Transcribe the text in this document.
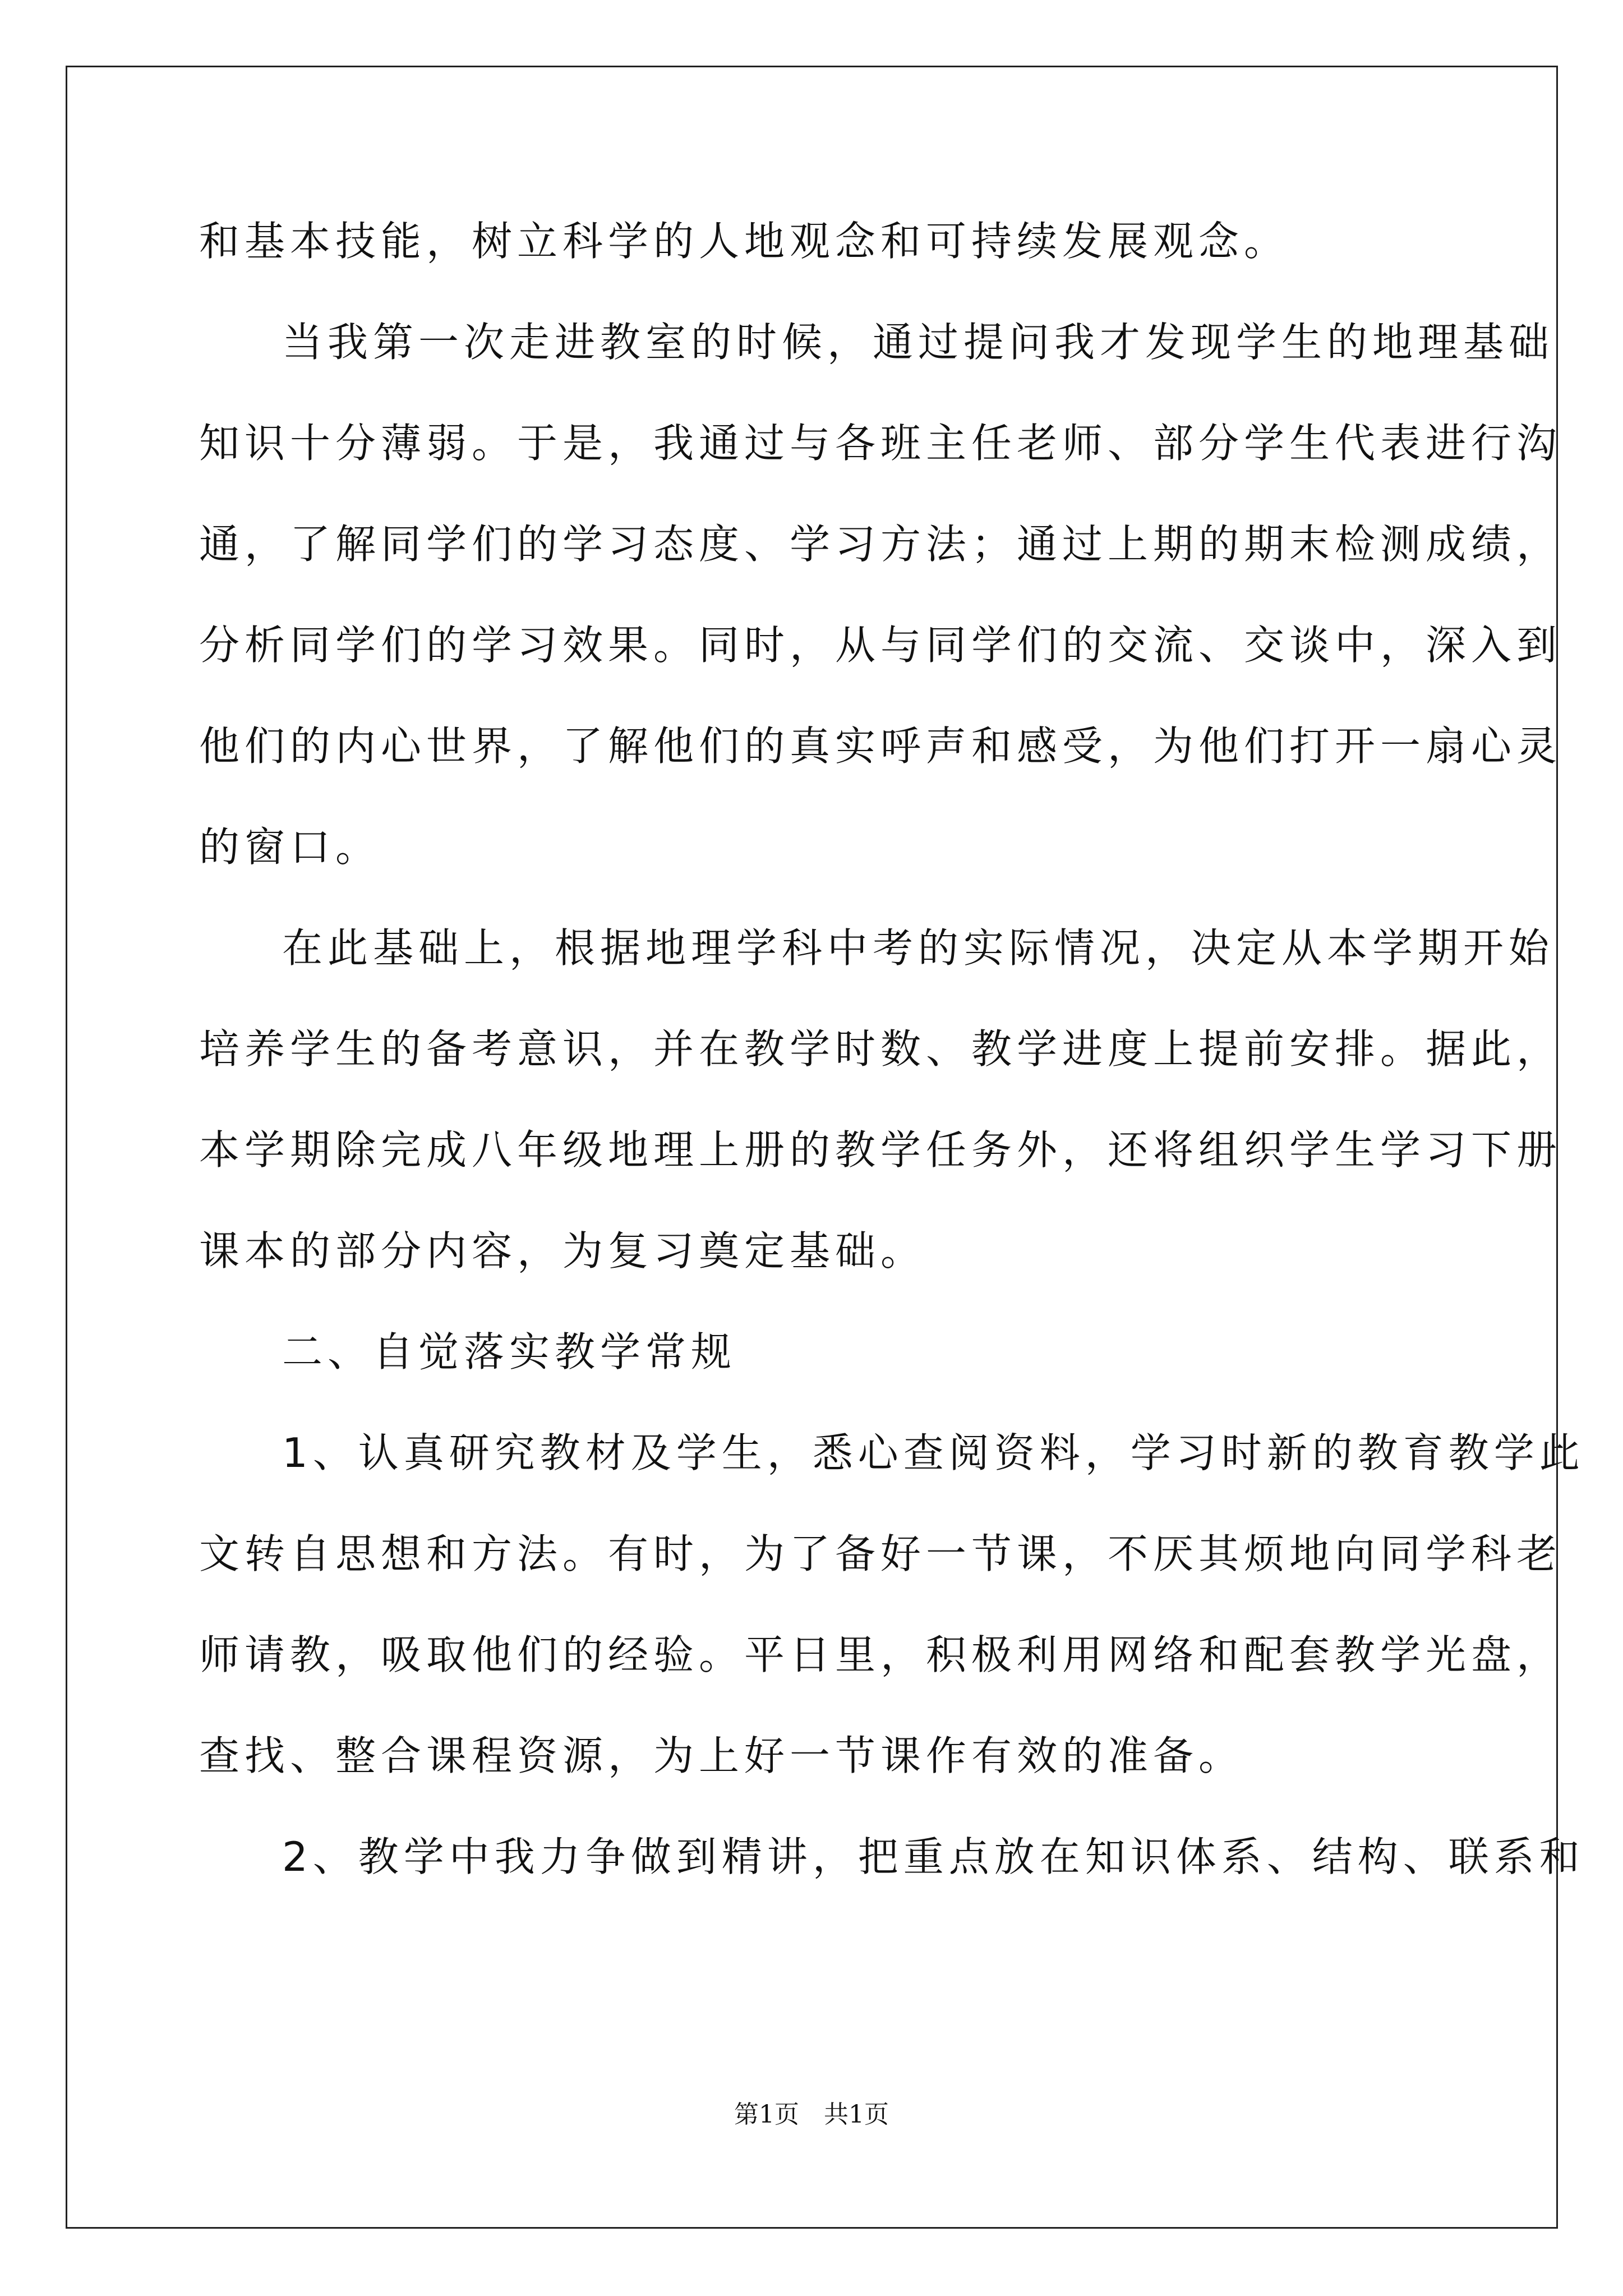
和基本技能，树立科学的人地观念和可持续发展观念。
当我第一次走进教室的时候，通过提问我才发现学生的地理基础
知识十分薄弱。于是，我通过与各班主任老师、部分学生代表进行沟
通，了解同学们的学习态度、学习方法；通过上期的期末检测成绩，
分析同学们的学习效果。同时，从与同学们的交流、交谈中，深入到
他们的内心世界，了解他们的真实呼声和感受，为他们打开一扇心灵
的窗口。
在此基础上，根据地理学科中考的实际情况，决定从本学期开始
培养学生的备考意识，并在教学时数、教学进度上提前安排。据此，
本学期除完成八年级地理上册的教学任务外，还将组织学生学习下册
课本的部分内容，为复习奠定基础。
二、自觉落实教学常规
1、认真研究教材及学生，悉心查阅资料，学习时新的教育教学此
文转自思想和方法。有时，为了备好一节课，不厌其烦地向同学科老
师请教，吸取他们的经验。平日里，积极利用网络和配套教学光盘，
查找、整合课程资源，为上好一节课作有效的准备。
2、教学中我力争做到精讲，把重点放在知识体系、结构、联系和
第1页　共1页
